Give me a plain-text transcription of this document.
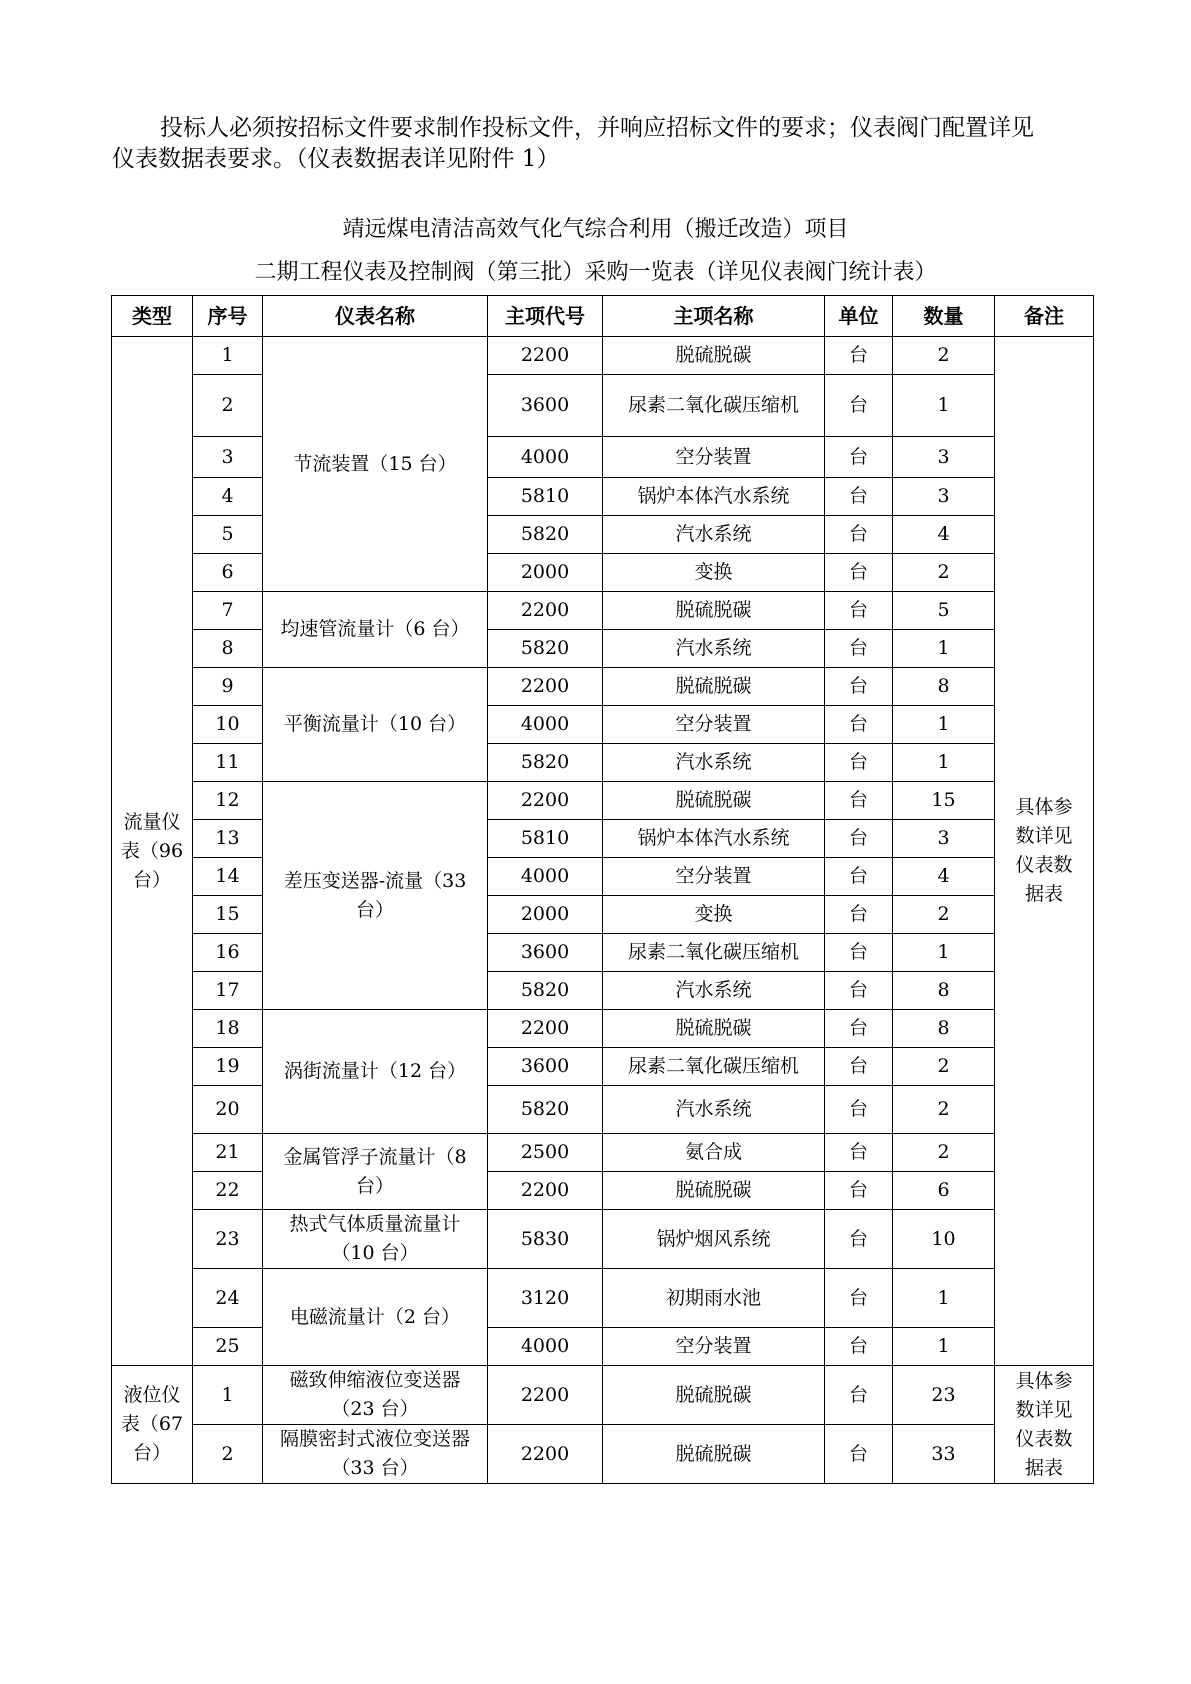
投标人必须按招标文件要求制作投标文件，并响应招标文件的要求；仪表阀门配置详见
仪表数据表要求。（仪表数据表详见附件 1）
靖远煤电清洁高效气化气综合利用（搬迁改造）项目
二期工程仪表及控制阀（第三批）采购一览表（详见仪表阀门统计表）
类型	序号	仪表名称	主项代号	主项名称	单位	数量	备注
流量仪表（96台）	1	节流装置（15 台）	2200	脱硫脱碳	台	2	具体参数详见仪表数据表
	2		3600	尿素二氧化碳压缩机	台	1	
	3		4000	空分装置	台	3	
	4		5810	锅炉本体汽水系统	台	3	
	5		5820	汽水系统	台	4	
	6		2000	变换	台	2	
	7	均速管流量计（6 台）	2200	脱硫脱碳	台	5	
	8		5820	汽水系统	台	1	
	9	平衡流量计（10 台）	2200	脱硫脱碳	台	8	
	10		4000	空分装置	台	1	
	11		5820	汽水系统	台	1	
	12	差压变送器-流量（33 台）	2200	脱硫脱碳	台	15	
	13		5810	锅炉本体汽水系统	台	3	
	14		4000	空分装置	台	4	
	15		2000	变换	台	2	
	16		3600	尿素二氧化碳压缩机	台	1	
	17		5820	汽水系统	台	8	
	18	涡街流量计（12 台）	2200	脱硫脱碳	台	8	
	19		3600	尿素二氧化碳压缩机	台	2	
	20		5820	汽水系统	台	2	
	21	金属管浮子流量计（8 台）	2500	氨合成	台	2	
	22		2200	脱硫脱碳	台	6	
	23	热式气体质量流量计（10 台）	5830	锅炉烟风系统	台	10	
	24	电磁流量计（2 台）	3120	初期雨水池	台	1	
	25		4000	空分装置	台	1	
液位仪表（67台）	1	磁致伸缩液位变送器（23 台）	2200	脱硫脱碳	台	23	具体参数详见仪表数据表
	2	隔膜密封式液位变送器（33 台）	2200	脱硫脱碳	台	33	
